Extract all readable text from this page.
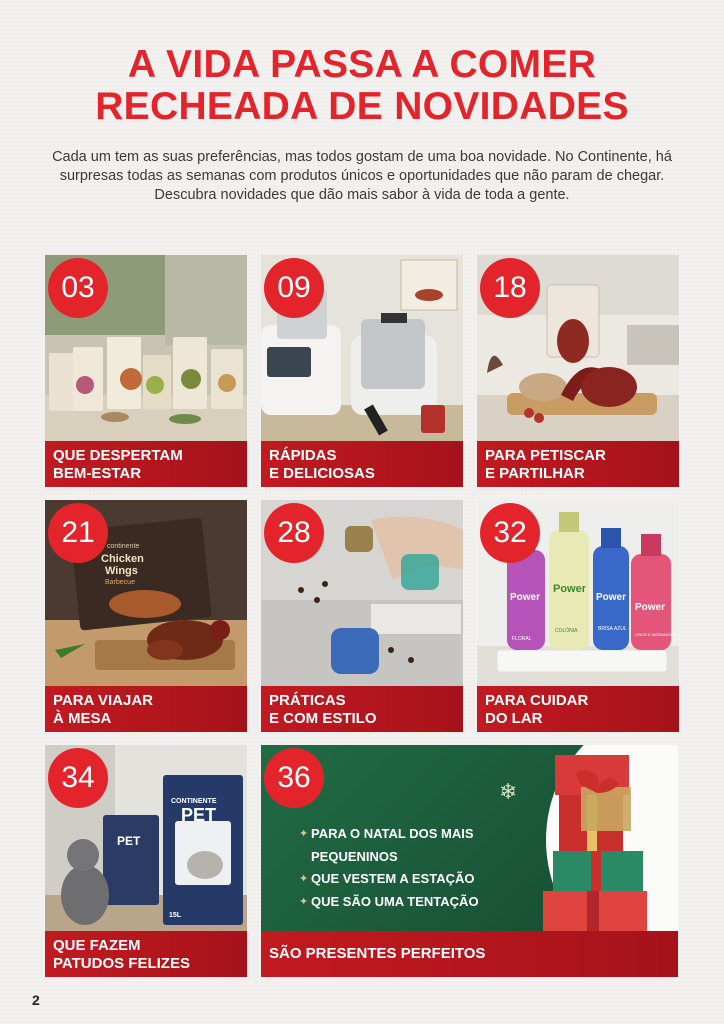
A VIDA PASSA A COMER
RECHEADA DE NOVIDADES

Cada um tem as suas preferências, mas todos gostam de uma boa novidade. No Continente, há surpresas todas as semanas com produtos únicos e oportunidades que não param de chegar. Descubra novidades que dão mais sabor à vida de toda a gente.

03
QUE DESPERTAM
BEM-ESTAR
09
RÁPIDAS
E DELICIOSAS
18
PARA PETISCAR
E PARTILHAR
continente
Chicken
Wings
Barbecue
21
PARA VIAJAR
À MESA
28
PRÁTICAS
E COM ESTILO
Power
Power
Power
Power
FLORAL
COLÓNIA	BRISA AZUL
LINOS E MORANGOS
32
PARA CUIDAR
DO LAR
CONTINENTE
PET
PET
15L
34
QUE FAZEM
PATUDOS FELIZES
❄
36
✦ PARA O NATAL DOS MAIS
PEQUENINOS
✦ QUE VESTEM A ESTAÇÃO
✦ QUE SÃO UMA TENTAÇÃO
SÃO PRESENTES PERFEITOS
2
